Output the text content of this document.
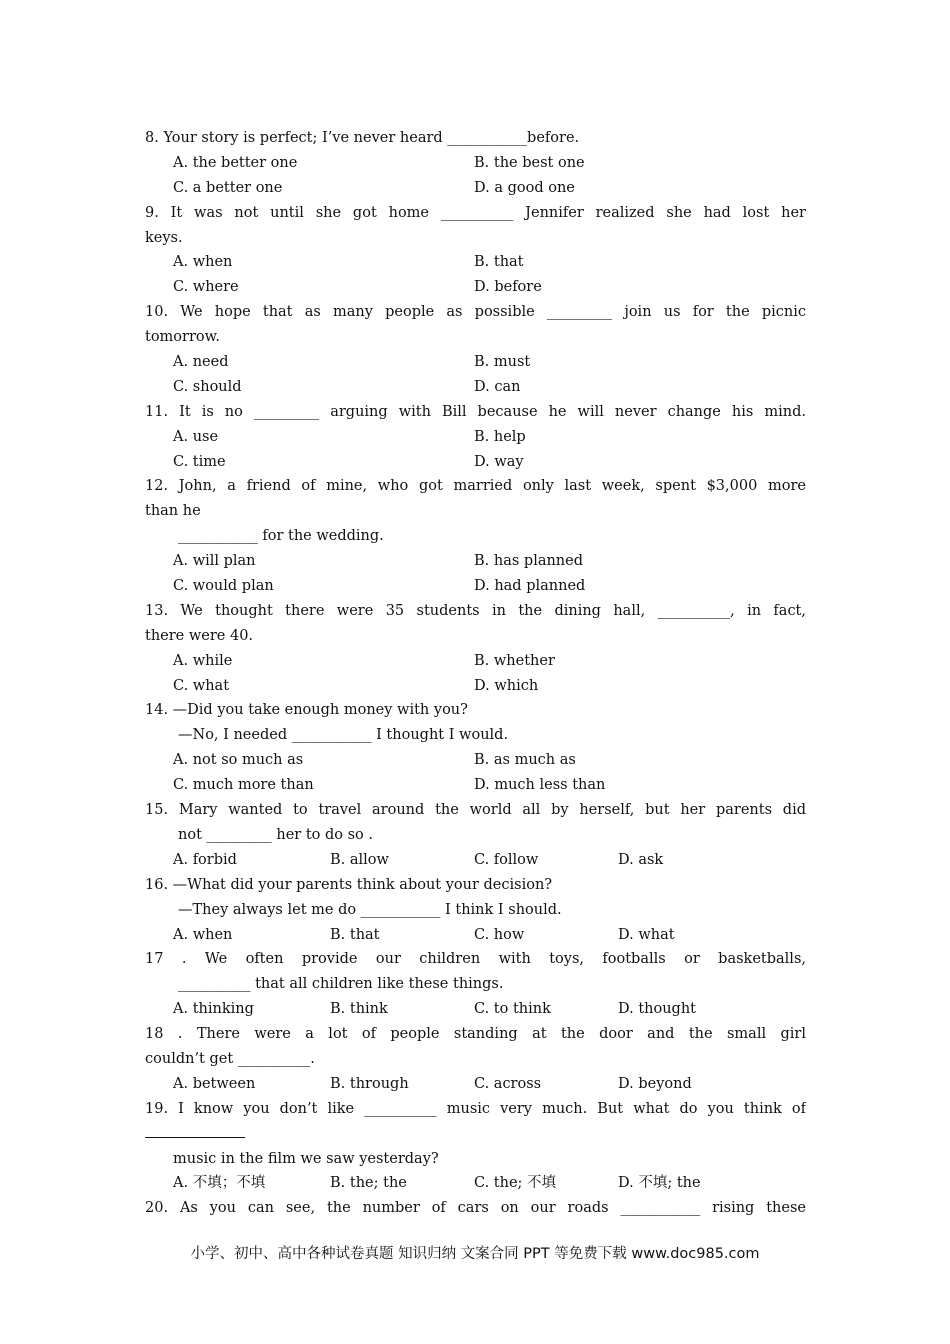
8. Your story is perfect; I’ve never heard ___________before.
A. the better one	B. the best one
C. a better one	D. a good one
9. It was not until she got home __________ Jennifer realized she had lost her
keys.
A. when	B. that
C. where	D. before
10. We hope that as many people as possible _________ join us for the picnic
tomorrow.
A. need	B. must
C. should	D. can
11. It is no _________ arguing with Bill because he will never change his mind.
A. use	B. help
C. time	D. way
12. John, a friend of mine, who got married only last week, spent $3,000 more
than he
___________ for the wedding.
A. will plan	B. has planned
C. would plan	D. had planned
13. We thought there were 35 students in the dining hall, __________, in fact,
there were 40.
A. while	B. whether
C. what	D. which
14. —Did you take enough money with you?
—No, I needed ___________ I thought I would.
A. not so much as	B. as much as
C. much more than	D. much less than
15. Mary wanted to travel around the world all by herself, but her parents did
not _________ her to do so .
A. forbid	B. allow	C. follow	D. ask
16. —What did your parents think about your decision?
—They always let me do ___________ I think I should.
A. when	B. that	C. how	D. what
17 . We often provide our children with toys, footballs or basketballs,
__________ that all children like these things.
A. thinking	B. think	C. to think	D. thought
18 . There were a lot of people standing at the door and the small girl
couldn’t get __________.
A. between	B. through	C. across	D. beyond
19. I know you don’t like __________ music very much. But what do you think of
music in the film we saw yesterday?
A. 不填；不填	B. the; the	C. the; 不填	D. 不填; the
20. As you can see, the number of cars on our roads ___________ rising these
小学、初中、高中各种试卷真题 知识归纳 文案合同 PPT 等免费下载 www.doc985.com
